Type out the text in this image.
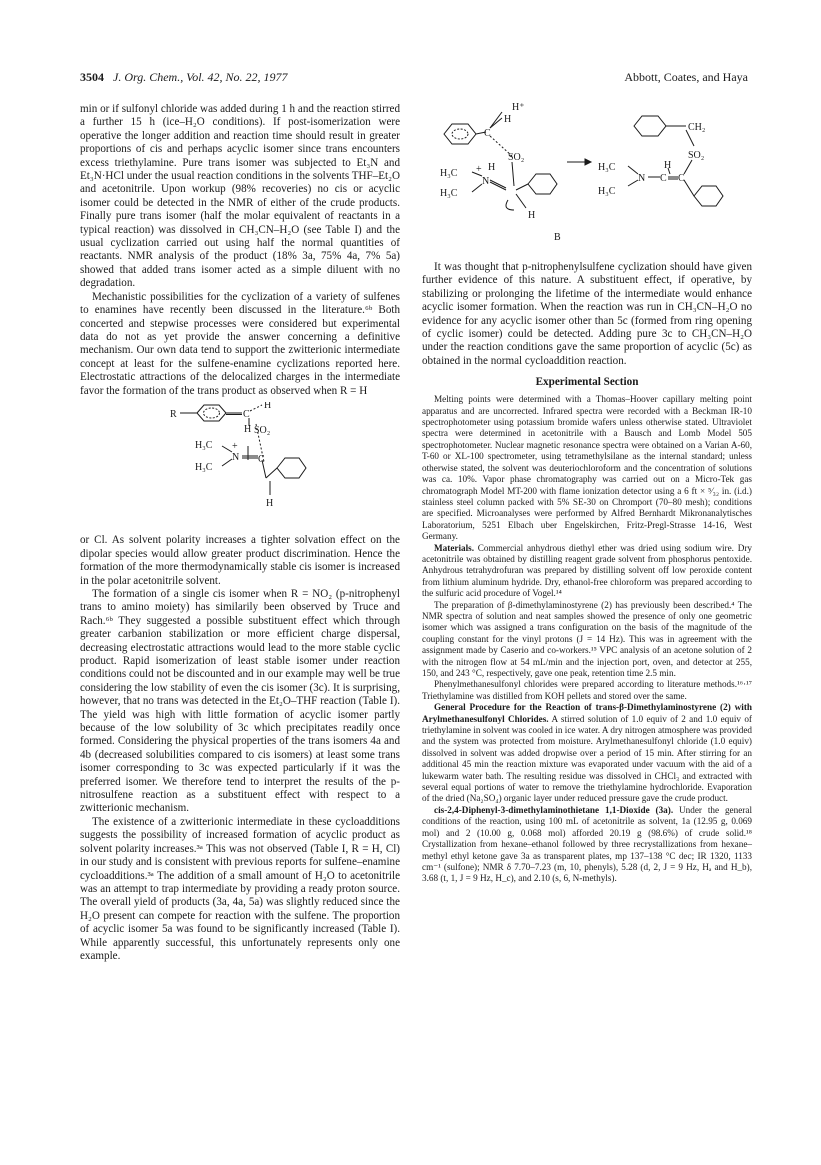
3504 J. Org. Chem., Vol. 42, No. 22, 1977	Abbott, Coates, and Haya

min or if sulfonyl chloride was added during 1 h and the reaction stirred a further 15 h (ice–H₂O conditions). If post-isomerization were operative the longer addition and reaction time should result in greater proportions of cis and perhaps acyclic isomer since trans encounters excess triethylamine. Pure trans isomer was subjected to Et₃N and Et₃N·HCl under the usual reaction conditions in the solvents THF–Et₂O and acetonitrile. Upon workup (98% recoveries) no cis or acyclic isomer could be detected in the NMR of either of the crude products. Finally pure trans isomer (half the molar equivalent of reactants in a typical reaction) was dissolved in CH₃CN–H₂O (see Table I) and the usual cyclization carried out using half the normal quantities of reactants. NMR analysis of the product (18% 3a, 75% 4a, 7% 5a) showed that added trans isomer acted as a simple diluent with no degradation.

Mechanistic possibilities for the cyclization of a variety of sulfenes to enamines have recently been discussed in the literature.⁶ᵇ Both concerted and stepwise processes were considered but experimental data do not as yet provide the answer concerning a definitive mechanism. Our own data tend to support the zwitterionic intermediate concept at least for the sulfene-enamine cyclizations reported here. Electrostatic attractions of the delocalized charges in the intermediate favor the formation of the trans product as observed when R = H

R	C
H
H SO₂
H₃C
H₃C
N
+
C
H

or Cl. As solvent polarity increases a tighter solvation effect on the dipolar species would allow greater product discrimination. Hence the formation of the more thermodynamically stable cis isomer is increased in the polar acetonitrile solvent.

The formation of a single cis isomer when R = NO₂ (p-nitrophenyl trans to amino moiety) has similarily been observed by Truce and Rach.⁶ᵇ They suggested a possible substituent effect which through greater carbanion stabilization or more efficient charge dispersal, decreasing electrostatic attractions would lead to the more stable cyclic product. Rapid isomerization of least stable isomer under reaction conditions could not be discounted and in our example may well be true considering the low stability of even the cis isomer (3c). It is surprising, however, that no trans was detected in the Et₂O–THF reaction (Table I). The yield was high with little formation of acyclic isomer partly because of the low solubility of 3c which precipitates readily once formed. Considering the physical properties of the trans isomers 4a and 4b (decreased solubilities compared to cis isomers) at least some trans isomer corresponding to 3c was expected particularly if it was the preferred isomer. We therefore tend to interpret the results of the p-nitrosulfene reaction as a substituent effect with respect to a zwitterionic mechanism.

The existence of a zwitterionic intermediate in these cycloadditions suggests the possibility of increased formation of acyclic product as solvent polarity increases.³ᵃ This was not observed (Table I, R = H, Cl) in our study and is consistent with previous reports for sulfene–enamine cycloadditions.³ᵃ The addition of a small amount of H₂O to acetonitrile was an attempt to trap intermediate by providing a ready proton source. The overall yield of products (3a, 4a, 5a) was slightly reduced since the H₂O present can compete for reaction with the sulfene. The proportion of acyclic isomer 5a was found to be significantly increased (Table I). While apparently successful, this unfortunately represents only one example.

H⁺
H
C
H₃C
H₃C
N
+ H
SO₂
H
CH₂
SO₂
H₃C
H₃C
N C C
H
B

It was thought that p-nitrophenylsulfene cyclization should have given further evidence of this nature. A substituent effect, if operative, by stabilizing or prolonging the lifetime of the intermediate would enhance acyclic isomer formation. When the reaction was run in CH₃CN–H₂O no evidence for any acyclic isomer other than 5c (formed from ring opening of cyclic isomer) could be detected. Adding pure 3c to CH₃CN–H₂O under the reaction conditions gave the same proportion of acyclic (5c) as obtained in the normal cycloaddition reaction.

Experimental Section

Melting points were determined with a Thomas–Hoover capillary melting point apparatus and are uncorrected. Infrared spectra were recorded with a Beckman IR-10 spectrophotometer using potassium bromide wafers unless otherwise stated. Ultraviolet spectra were determined in acetonitrile with a Bausch and Lomb Model 505 spectrophotometer. Nuclear magnetic resonance spectra were obtained on a Varian A-60, T-60 or XL-100 spectrometer, using tetramethylsilane as the internal standard; unless otherwise stated, the solvent was deuteriochloroform and the concentration of solutions was ca. 10%. Vapor phase chromatography was carried out on a Micro-Tek gas chromatograph Model MT-200 with flame ionization detector using a 6 ft × ⁵⁄₃₂ in. (i.d.) stainless steel column packed with 5% SE-30 on Chromport (70–80 mesh); conditions are specified. Microanalyses were performed by Alfred Bernhardt Mikronanalytisches Laboratorium, 5251 Elbach uber Engelskirchen, Fritz-Pregl-Strasse 14-16, West Germany.

Materials. Commercial anhydrous diethyl ether was dried using sodium wire. Dry acetonitrile was obtained by distilling reagent grade solvent from phosphorus pentoxide. Anhydrous tetrahydrofuran was prepared by distilling solvent off low peroxide content from lithium aluminum hydride. Dry, ethanol-free chloroform was prepared according to the sulfuric acid procedure of Vogel.¹⁴

The preparation of β-dimethylaminostyrene (2) has previously been described.⁴ The NMR spectra of solution and neat samples showed the presence of only one geometric isomer which was assigned a trans configuration on the basis of the magnitude of the coupling constant for the vinyl protons (J = 14 Hz). This was in agreement with the assignment made by Caserio and co-workers.¹⁵ VPC analysis of an acetone solution of 2 with the nitrogen flow at 54 mL/min and the injection port, oven, and detector at 255, 150, and 243 °C, respectively, gave one peak, retention time 2.5 min.

Phenylmethanesulfonyl chlorides were prepared according to literature methods.¹⁶·¹⁷ Triethylamine was distilled from KOH pellets and stored over the same.

General Procedure for the Reaction of trans-β-Dimethylaminostyrene (2) with Arylmethanesulfonyl Chlorides. A stirred solution of 1.0 equiv of 2 and 1.0 equiv of triethylamine in solvent was cooled in ice water. A dry nitrogen atmosphere was provided and the system was protected from moisture. Arylmethanesulfonyl chloride (1.0 equiv) dissolved in solvent was added dropwise over a period of 15 min. After stirring for an additional 45 min the reaction mixture was evaporated under vacuum with the aid of a lukewarm water bath. The resulting residue was dissolved in CHCl₃ and extracted with several equal portions of water to remove the triethylamine hydrochloride. Evaporation of the dried (Na₂SO₄) organic layer under reduced pressure gave the crude product.

cis-2,4-Diphenyl-3-dimethylaminothietane 1,1-Dioxide (3a). Under the general conditions of the reaction, using 100 mL of acetonitrile as solvent, 1a (12.95 g, 0.069 mol) and 2 (10.00 g, 0.068 mol) afforded 20.19 g (98.6%) of crude solid.¹⁸ Crystallization from hexane–ethanol followed by three recrystallizations from hexane–methyl ethyl ketone gave 3a as transparent plates, mp 137–138 °C dec; IR 1320, 1133 cm⁻¹ (sulfone); NMR δ 7.70–7.23 (m, 10, phenyls), 5.28 (d, 2, J = 9 Hz, Hₐ and H_b), 3.68 (t, 1, J = 9 Hz, H_c), and 2.10 (s, 6, N-methyls).
